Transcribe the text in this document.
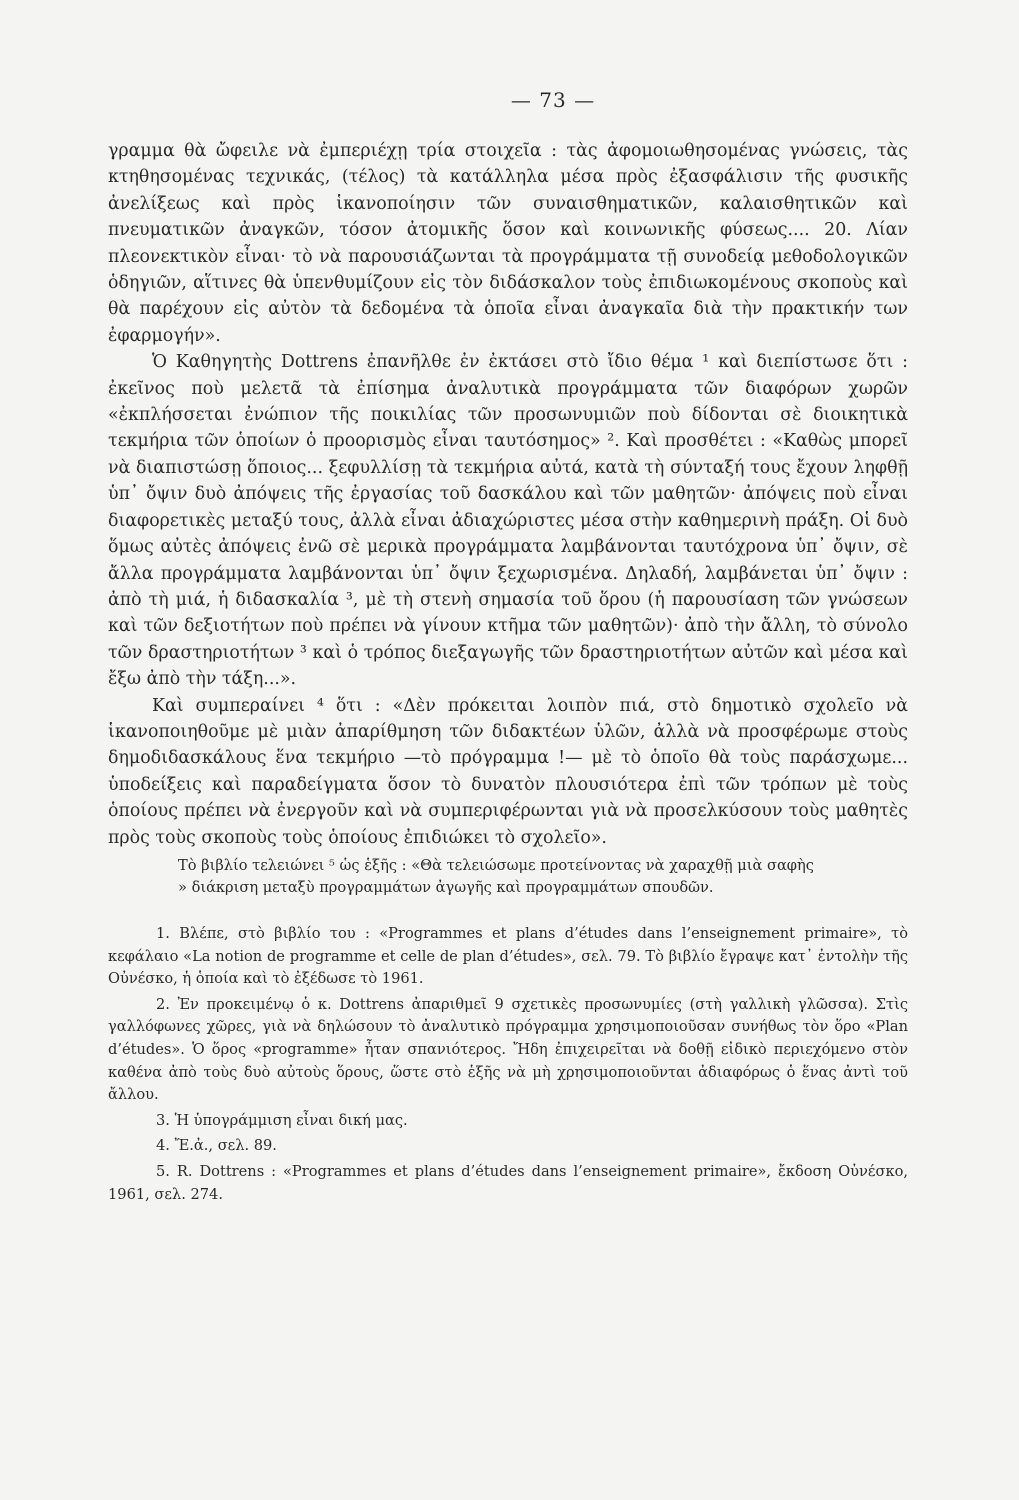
— 73 —

γραμμα θὰ ὤφειλε νὰ ἐμπεριέχῃ τρία στοιχεῖα : τὰς ἀφομοιωθησομένας γνώσεις, τὰς κτηθησομένας τεχνικάς, (τέλος) τὰ κατάλληλα μέσα πρὸς ἐξασφάλισιν τῆς φυσικῆς ἀνελίξεως καὶ πρὸς ἱκανοποίησιν τῶν συναισθηματικῶν, καλαισθητικῶν καὶ πνευματικῶν ἀναγκῶν, τόσον ἀτομικῆς ὅσον καὶ κοινωνικῆς φύσεως.... 20. Λίαν πλεονεκτικὸν εἶναι· τὸ νὰ παρουσιάζωνται τὰ προγράμματα τῇ συνοδείᾳ μεθοδολογικῶν ὁδηγιῶν, αἵτινες θὰ ὑπενθυμίζουν εἰς τὸν διδάσκαλον τοὺς ἐπιδιωκομένους σκοποὺς καὶ θὰ παρέχουν εἰς αὐτὸν τὰ δεδομένα τὰ ὁποῖα εἶναι ἀναγκαῖα διὰ τὴν πρακτικήν των ἐφαρμογήν».

Ὁ Καθηγητὴς Dottrens ἐπανῆλθε ἐν ἐκτάσει στὸ ἴδιο θέμα ¹ καὶ διεπίστωσε ὅτι : ἐκεῖνος ποὺ μελετᾶ τὰ ἐπίσημα ἀναλυτικὰ προγράμματα τῶν διαφόρων χωρῶν «ἐκπλήσσεται ἐνώπιον τῆς ποικιλίας τῶν προσωνυμιῶν ποὺ δίδονται σὲ διοικητικὰ τεκμήρια τῶν ὁποίων ὁ προορισμὸς εἶναι ταυτόσημος» ². Καὶ προσθέτει : «Καθὼς μπορεῖ νὰ διαπιστώσῃ ὅποιος... ξεφυλλίσῃ τὰ τεκμήρια αὐτά, κατὰ τὴ σύνταξή τους ἔχουν ληφθῇ ὑπ᾽ ὄψιν δυὸ ἀπόψεις τῆς ἐργασίας τοῦ δασκάλου καὶ τῶν μαθητῶν· ἀπόψεις ποὺ εἶναι διαφορετικὲς μεταξύ τους, ἀλλὰ εἶναι ἀδιαχώριστες μέσα στὴν καθημερινὴ πράξη. Οἱ δυὸ ὅμως αὐτὲς ἀπόψεις ἐνῶ σὲ μερικὰ προγράμματα λαμβάνονται ταυτόχρονα ὑπ᾽ ὄψιν, σὲ ἄλλα προγράμματα λαμβάνονται ὑπ᾽ ὄψιν ξεχωρισμένα. Δηλαδή, λαμβάνεται ὑπ᾽ ὄψιν : ἀπὸ τὴ μιά, ἡ διδασκαλία ³, μὲ τὴ στενὴ σημασία τοῦ ὅρου (ἡ παρουσίαση τῶν γνώσεων καὶ τῶν δεξιοτήτων ποὺ πρέπει νὰ γίνουν κτῆμα τῶν μαθητῶν)· ἀπὸ τὴν ἄλλη, τὸ σύνολο τῶν δραστηριοτήτων ³ καὶ ὁ τρόπος διεξαγωγῆς τῶν δραστηριοτήτων αὐτῶν καὶ μέσα καὶ ἔξω ἀπὸ τὴν τάξη...».

Καὶ συμπεραίνει ⁴ ὅτι : «Δὲν πρόκειται λοιπὸν πιά, στὸ δημοτικὸ σχολεῖο νὰ ἱκανοποιηθοῦμε μὲ μιὰν ἀπαρίθμηση τῶν διδακτέων ὑλῶν, ἀλλὰ νὰ προσφέρωμε στοὺς δημοδιδασκάλους ἕνα τεκμήριο —τὸ πρόγραμμα !— μὲ τὸ ὁποῖο θὰ τοὺς παράσχωμε... ὑποδείξεις καὶ παραδείγματα ὅσον τὸ δυνατὸν πλουσιότερα ἐπὶ τῶν τρόπων μὲ τοὺς ὁποίους πρέπει νὰ ἐνεργοῦν καὶ νὰ συμπεριφέρωνται γιὰ νὰ προσελκύσουν τοὺς μαθητὲς πρὸς τοὺς σκοποὺς τοὺς ὁποίους ἐπιδιώκει τὸ σχολεῖο».

Τὸ βιβλίο τελειώνει ⁵ ὡς ἑξῆς : «Θὰ τελειώσωμε προτείνοντας νὰ χαραχθῇ μιὰ σαφὴς

» διάκριση μεταξὺ προγραμμάτων ἀγωγῆς καὶ προγραμμάτων σπουδῶν.

1. Βλέπε, στὸ βιβλίο του : «Programmes et plans d’études dans l’enseignement primaire», τὸ κεφάλαιο «La notion de programme et celle de plan d’études», σελ. 79. Τὸ βιβλίο ἔγραψε κατ᾽ ἐντολὴν τῆς Οὐνέσκο, ἡ ὁποία καὶ τὸ ἐξέδωσε τὸ 1961.

2. Ἐν προκειμένῳ ὁ κ. Dottrens ἀπαριθμεῖ 9 σχετικὲς προσωνυμίες (στὴ γαλλικὴ γλῶσσα). Στὶς γαλλόφωνες χῶρες, γιὰ νὰ δηλώσουν τὸ ἀναλυτικὸ πρόγραμμα χρησιμοποιοῦσαν συνήθως τὸν ὅρο «Plan d’études». Ὁ ὅρος «programme» ἦταν σπανιότερος. Ἤδη ἐπιχειρεῖται νὰ δοθῇ εἰδικὸ περιεχόμενο στὸν καθένα ἀπὸ τοὺς δυὸ αὐτοὺς ὅρους, ὥστε στὸ ἑξῆς νὰ μὴ χρησιμοποιοῦνται ἀδιαφόρως ὁ ἕνας ἀντὶ τοῦ ἄλλου.

3. Ἡ ὑπογράμμιση εἶναι δική μας.

4. Ἔ.ἀ., σελ. 89.

5. R. Dottrens : «Programmes et plans d’études dans l’enseignement primaire», ἔκδοση Οὐνέσκο, 1961, σελ. 274.
